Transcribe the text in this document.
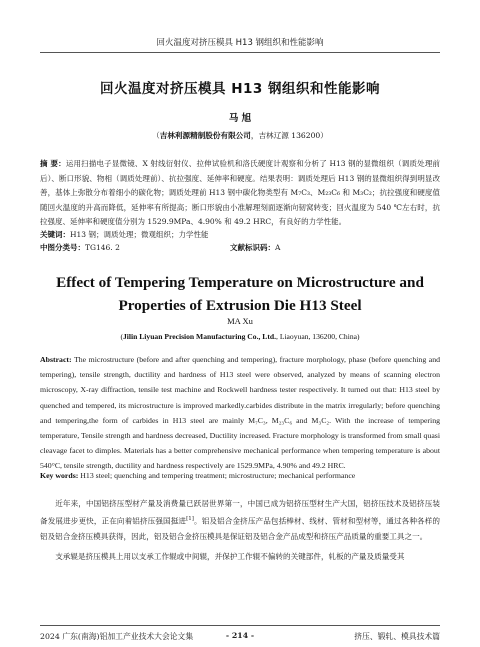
回火温度对挤压模具 H13 钢组织和性能影响
回火温度对挤压模具 H13 钢组织和性能影响
马 旭
（吉林利源精制股份有限公司，吉林辽源 136200）
摘 要：运用扫描电子显微镜、X 射线衍射仪、拉伸试验机和洛氏硬度计观察和分析了 H13 钢的显微组织（调质处理前后）、断口形貌、物相（调质处理前）、抗拉强度、延伸率和硬度。结果表明：调质处理后 H13 钢的显微组织得到明显改善，基体上弥散分布着细小的碳化物；调质处理前 H13 钢中碳化物类型有 M₇C₃、M₂₃C₆ 和 M₃C₂；抗拉强度和硬度值随回火温度的升高而降低，延伸率有所提高；断口形貌由小准解理刻面逐渐向韧窝转变；回火温度为 540 ℃左右时，抗拉强度、延伸率和硬度值分别为 1529.9MPa、4.90% 和 49.2 HRC，有良好的力学性能。
关键词：H13 钢；调质处理；微观组织；力学性能
中图分类号：TG146. 2	文献标识码：A
Effect of Tempering Temperature on Microstructure and Properties of Extrusion Die H13 Steel
MA Xu
(Jilin Liyuan Precision Manufacturing Co., Ltd., Liaoyuan, 136200, China)
Abstract: The microstructure (before and after quenching and tempering), fracture morphology, phase (before quenching and tempering), tensile strength, ductility and hardness of H13 steel were observed, analyzed by means of scanning electron microscopy, X-ray diffraction, tensile test machine and Rockwell hardness tester respectively. It turned out that: H13 steel by quenched and tempered, its microstructure is improved markedly.carbides distribute in the matrix irregularly; before quenching and tempering,the form of carbides in H13 steel are mainly M₇C₃, M₂₃C₆ and M₃C₂. With the increase of tempering temperature, Tensile strength and hardness decreased, Ductility increased. Fracture morphology is transformed from small quasi cleavage facet to dimples. Materials has a better comprehensive mechanical performance when tempering temperature is about 540°C, tensile strength, ductility and hardness respectively are 1529.9MPa, 4.90% and 49.2 HRC.
Key words: H13 steel; quenching and tempering treatment; microstructure; mechanical performance

近年来，中国铝挤压型材产量及消费量已跃居世界第一，中国已成为铝挤压型材生产大国，铝挤压技术及铝挤压装备发展进步更快，正在向着铝挤压强国挺进[1]。铝及铝合金挤压产品包括棒材、线材、管材和型材等，通过各种各样的铝及铝合金挤压模具获得，因此，铝及铝合金挤压模具是保证铝及铝合金产品成型和挤压产品质量的重要工具之一。

支承辊是挤压模具上用以支承工作辊或中间辊，并保护工作辊不偏转的关键部件，轧板的产量及质量受其

2024 广东(南海)铝加工产业技术大会论文集	- 214 -	挤压、锻轧、模具技术篇
